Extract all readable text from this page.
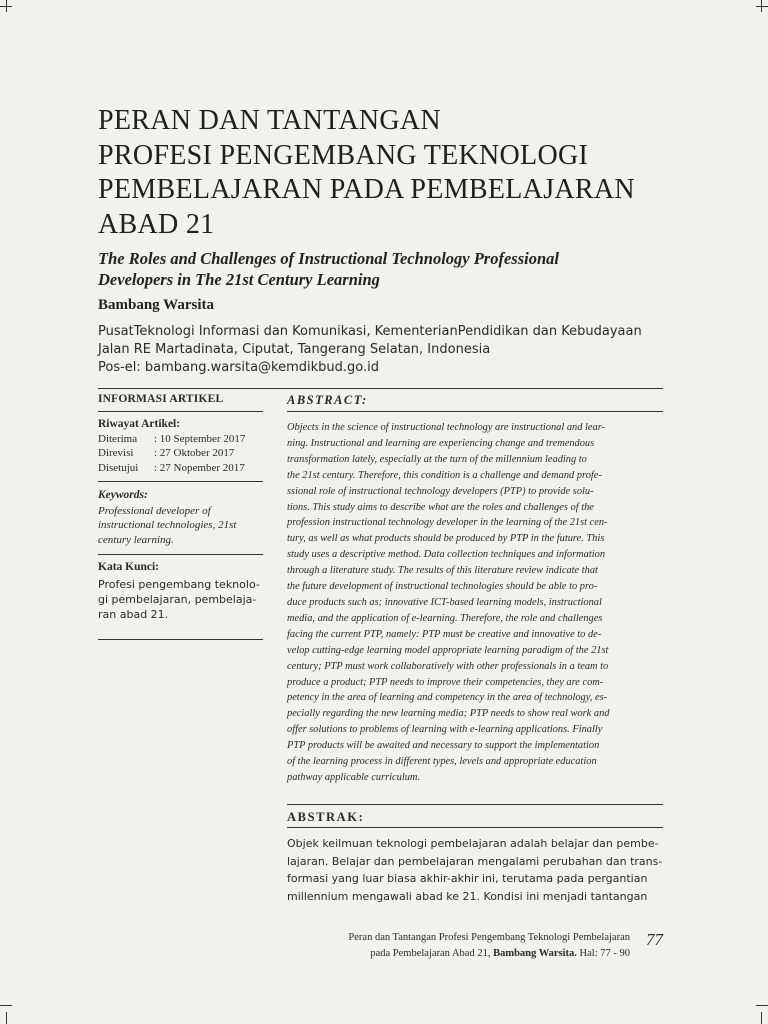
PERAN DAN TANTANGAN
PROFESI PENGEMBANG TEKNOLOGI
PEMBELAJARAN PADA PEMBELAJARAN
ABAD 21
The Roles and Challenges of Instructional Technology Professional
Developers in The 21st Century Learning
Bambang Warsita
PusatTeknologi Informasi dan Komunikasi, KementerianPendidikan dan Kebudayaan
Jalan RE Martadinata, Ciputat, Tangerang Selatan, Indonesia
Pos-el: bambang.warsita@kemdikbud.go.id
INFORMASI ARTIKEL
Riwayat Artikel:
Diterima	: 10 September 2017
Direvisi	: 27 Oktober 2017
Disetujui	: 27 Nopember 2017
Keywords:
Professional developer of
instructional technologies, 21st
century learning.
Kata Kunci:
Profesi pengembang teknolo-
gi pembelajaran, pembelaja-
ran abad 21.
ABSTRACT:
Objects in the science of instructional technology are instructional and lear-
ning. Instructional and learning are experiencing change and tremendous
transformation lately, especially at the turn of the millennium leading to
the 21st century. Therefore, this condition is a challenge and demand profe-
ssional role of instructional technology developers (PTP) to provide solu-
tions. This study aims to describe what are the roles and challenges of the
profession instructional technology developer in the learning of the 21st cen-
tury, as well as what products should be produced by PTP in the future. This
study uses a descriptive method. Data collection techniques and information
through a literature study. The results of this literature review indicate that
the future development of instructional technologies should be able to pro-
duce products such as; innovative ICT-based learning models, instructional
media, and the application of e-learning. Therefore, the role and challenges
facing the current PTP, namely: PTP must be creative and innovative to de-
velop cutting-edge learning model appropriate learning paradigm of the 21st
century; PTP must work collaboratively with other professionals in a team to
produce a product; PTP needs to improve their competencies, they are com-
petency in the area of learning and competency in the area of technology, es-
pecially regarding the new learning media; PTP needs to show real work and
offer solutions to problems of learning with e-learning applications. Finally
PTP products will be awaited and necessary to support the implementation
of the learning process in different types, levels and appropriate education
pathway applicable curriculum.
ABSTRAK:
Objek keilmuan teknologi pembelajaran adalah belajar dan pembe-
lajaran. Belajar dan pembelajaran mengalami perubahan dan trans-
formasi yang luar biasa akhir-akhir ini, terutama pada pergantian
millennium mengawali abad ke 21. Kondisi ini menjadi tantangan
Peran dan Tantangan Profesi Pengembang Teknologi Pembelajaran
pada Pembelajaran Abad 21, Bambang Warsita. Hal: 77 - 90
77
